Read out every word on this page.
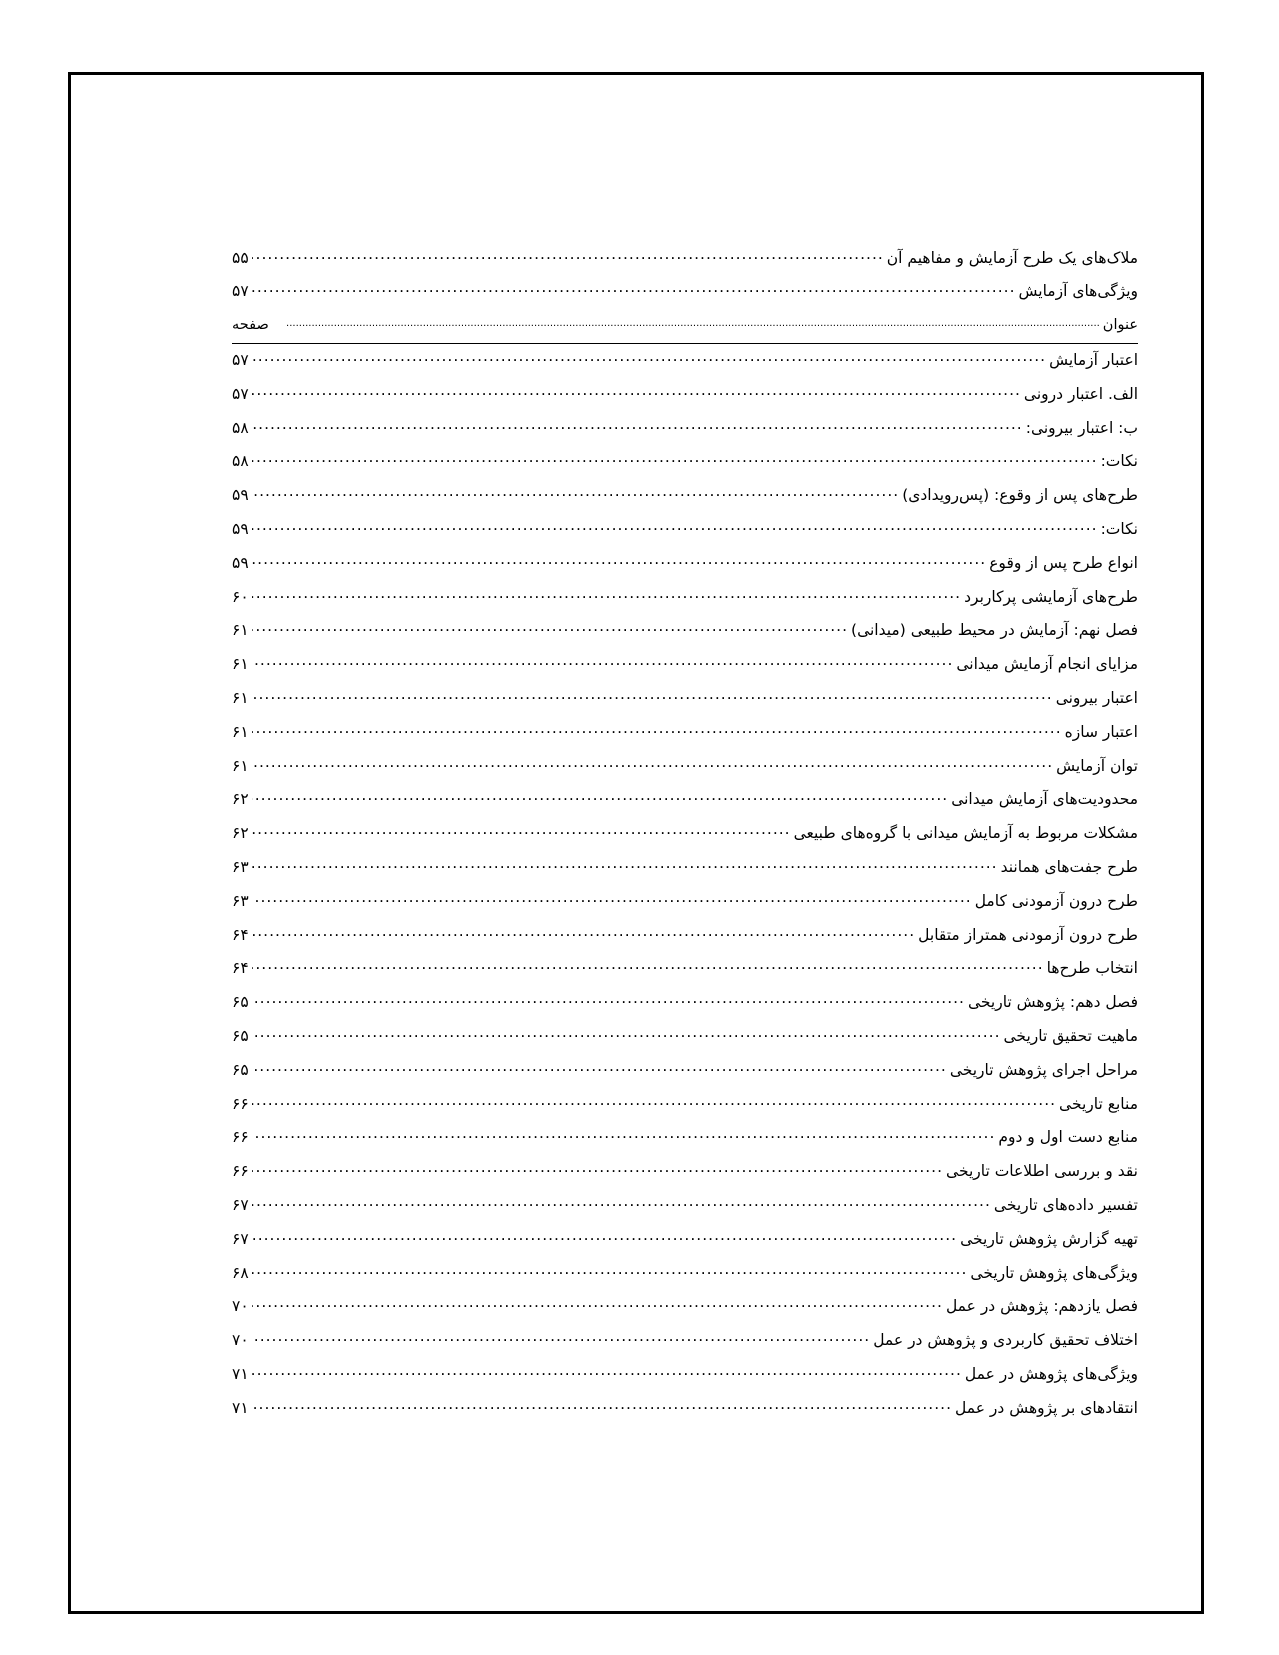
ملاک‌های یک طرح آزمایش و مفاهیم آن
.....
۵۵
ویژگی‌های آزمایش
.....
۵۷
عنوان
.....
صفحه
اعتبار آزمایش
.....
۵۷
الف. اعتبار درونی
.....
۵۷
ب: اعتبار بیرونی:
.....
۵۸
نکات:
.....
۵۸
طرح‌های پس از وقوع: (پس‌رویدادی)
.....
۵۹
نکات:
.....
۵۹
انواع طرح پس از وقوع
.....
۵۹
طرح‌های آزمایشی پرکاربرد
.....
۶۰
فصل نهم: آزمایش در محیط طبیعی (میدانی)
.....
۶۱
مزایای انجام آزمایش میدانی
.....
۶۱
اعتبار بیرونی
.....
۶۱
اعتبار سازه
.....
۶۱
توان آزمایش
.....
۶۱
محدودیت‌های آزمایش میدانی
.....
۶۲
مشکلات مربوط به آزمایش میدانی با گروه‌های طبیعی
.....
۶۲
طرح جفت‌های همانند
.....
۶۳
طرح درون آزمودنی کامل
.....
۶۳
طرح درون آزمودنی همتراز متقابل
.....
۶۴
انتخاب طرح‌ها
.....
۶۴
فصل دهم: پژوهش تاریخی
.....
۶۵
ماهیت تحقیق تاریخی
.....
۶۵
مراحل اجرای پژوهش تاریخی
.....
۶۵
منابع تاریخی
.....
۶۶
منابع دست اول و دوم
.....
۶۶
نقد و بررسی اطلاعات تاریخی
.....
۶۶
تفسیر داده‌های تاریخی
.....
۶۷
تهیه گزارش پژوهش تاریخی
.....
۶۷
ویژگی‌های پژوهش تاریخی
.....
۶۸
فصل یازدهم: پژوهش در عمل
.....
۷۰
اختلاف تحقیق کاربردی و پژوهش در عمل
.....
۷۰
ویژگی‌های پژوهش در عمل
.....
۷۱
انتقادهای بر پژوهش در عمل
.....
۷۱
